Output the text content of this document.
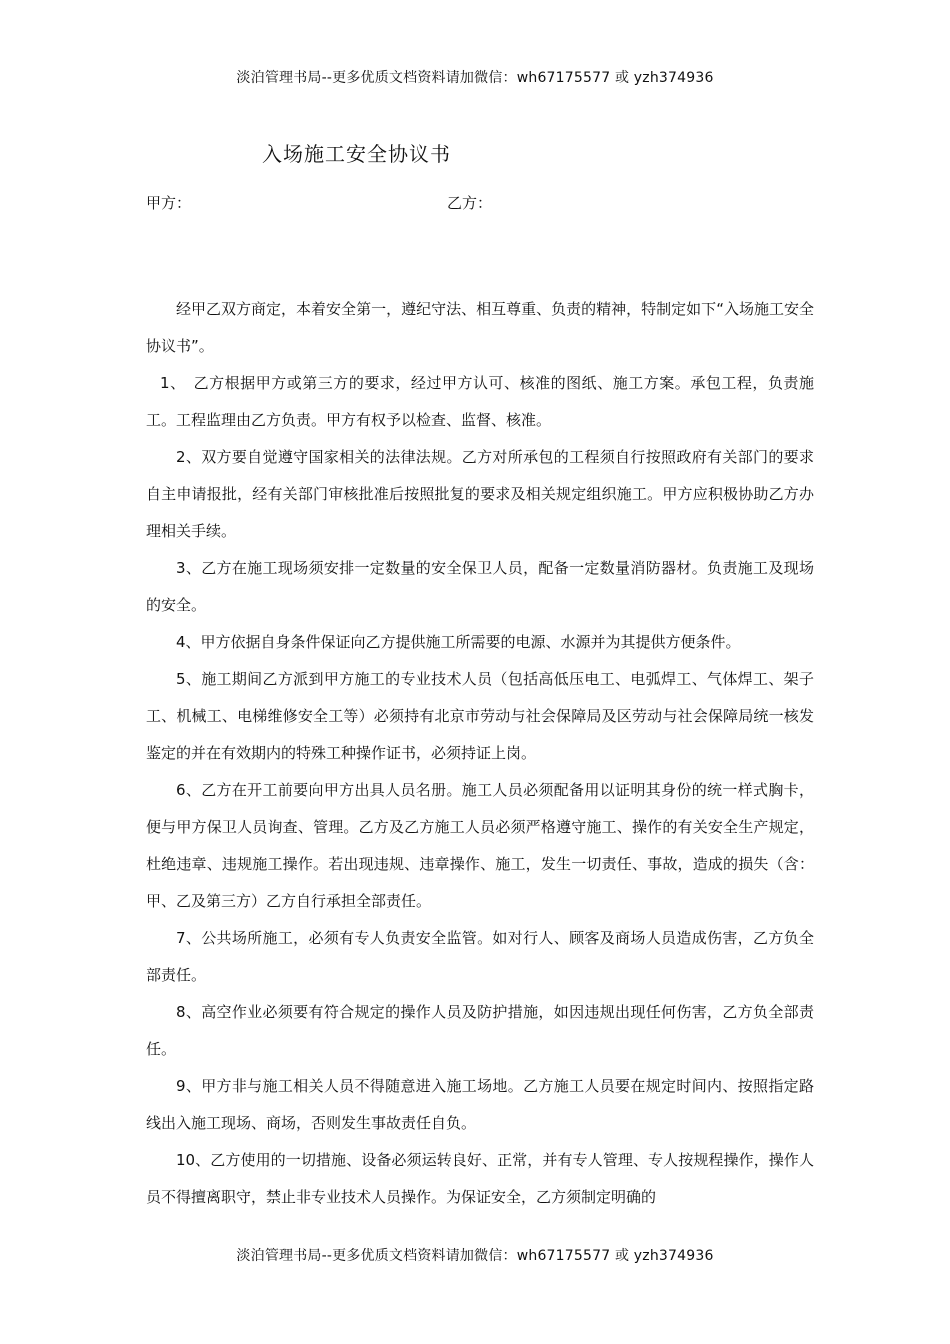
淡泊管理书局--更多优质文档资料请加微信：wh67175577 或 yzh374936
入场施工安全协议书
甲方：	乙方：

经甲乙双方商定，本着安全第一，遵纪守法、相互尊重、负责的精神，特制定如下“入场施工安全协议书”。

1、　乙方根据甲方或第三方的要求，经过甲方认可、核准的图纸、施工方案。承包工程，负责施工。工程监理由乙方负责。甲方有权予以检查、监督、核准。

2、双方要自觉遵守国家相关的法律法规。乙方对所承包的工程须自行按照政府有关部门的要求自主申请报批，经有关部门审核批准后按照批复的要求及相关规定组织施工。甲方应积极协助乙方办理相关手续。

3、乙方在施工现场须安排一定数量的安全保卫人员，配备一定数量消防器材。负责施工及现场的安全。

4、甲方依据自身条件保证向乙方提供施工所需要的电源、水源并为其提供方便条件。

5、施工期间乙方派到甲方施工的专业技术人员（包括高低压电工、电弧焊工、气体焊工、架子工、机械工、电梯维修安全工等）必须持有北京市劳动与社会保障局及区劳动与社会保障局统一核发鉴定的并在有效期内的特殊工种操作证书，必须持证上岗。

6、乙方在开工前要向甲方出具人员名册。施工人员必须配备用以证明其身份的统一样式胸卡，便与甲方保卫人员询查、管理。乙方及乙方施工人员必须严格遵守施工、操作的有关安全生产规定，杜绝违章、违规施工操作。若出现违规、违章操作、施工，发生一切责任、事故，造成的损失（含：甲、乙及第三方）乙方自行承担全部责任。

7、公共场所施工，必须有专人负责安全监管。如对行人、顾客及商场人员造成伤害，乙方负全部责任。

8、高空作业必须要有符合规定的操作人员及防护措施，如因违规出现任何伤害，乙方负全部责任。

9、甲方非与施工相关人员不得随意进入施工场地。乙方施工人员要在规定时间内、按照指定路线出入施工现场、商场，否则发生事故责任自负。

10、乙方使用的一切措施、设备必须运转良好、正常，并有专人管理、专人按规程操作，操作人员不得擅离职守，禁止非专业技术人员操作。为保证安全，乙方须制定明确的

淡泊管理书局--更多优质文档资料请加微信：wh67175577 或 yzh374936
